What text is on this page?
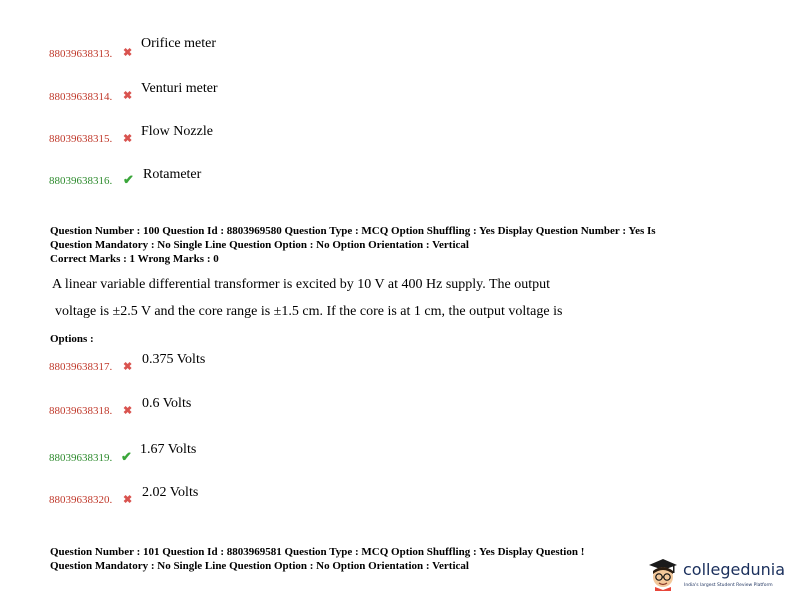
88039638313. ✖
Orifice meter
88039638314. ✖ Venturi meter
88039638315. ✖ Flow Nozzle
88039638316. ✔ Rotameter
Question Number : 100 Question Id : 8803969580 Question Type : MCQ Option Shuffling : Yes Display Question Number : Yes Is
Question Mandatory : No Single Line Question Option : No Option Orientation : Vertical
Correct Marks : 1 Wrong Marks : 0
A linear variable differential transformer is excited by 10 V at 400 Hz supply. The output
voltage is ±2.5 V and the core range is ±1.5 cm. If the core is at 1 cm, the output voltage is
Options :
88039638317. ✖ 0.375 Volts
88039638318. ✖ 0.6 Volts
88039638319. ✔ 1.67 Volts
88039638320. ✖ 2.02 Volts
Question Number : 101 Question Id : 8803969581 Question Type : MCQ Option Shuffling : Yes Display Question !
Question Mandatory : No Single Line Question Option : No Option Orientation : Vertical	collegedunia
India's largest Student Review Platform
